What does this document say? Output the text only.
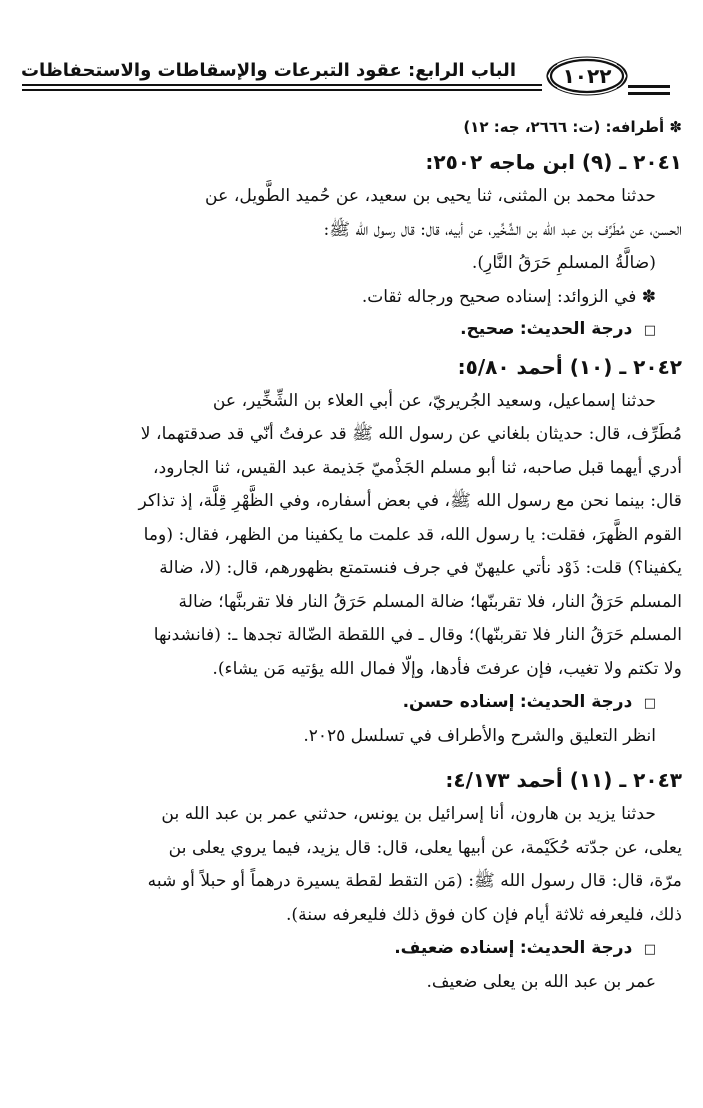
الباب الرابع: عقود التبرعات والإسقاطات والاستحفاظات	١٠٢٢
✽ أطرافه: (ت: ٢٦٦٦، جه: ١٢)
٢٠٤١ ـ (٩) ابن ماجه ٢٥٠٢:
حدثنا محمد بن المثنى، ثنا يحيى بن سعيد، عن حُميد الطَّويل، عن
الحسن، عن مُطَرِّف بن عبد الله بن الشِّخِّير، عن أبيه، قال: قال رسول الله ﷺ:
(ضالَّةُ المسلمِ حَرَقُ النَّارِ).
✽ في الزوائد: إسناده صحيح ورجاله ثقات.
□ درجة الحديث: صحيح.
٢٠٤٢ ـ (١٠) أحمد ٥/٨٠:
حدثنا إسماعيل، وسعيد الجُريريّ، عن أبي العلاء بن الشِّخِّير، عن
مُطَرِّف، قال: حديثان بلغاني عن رسول الله ﷺ قد عرفتُ أنّي قد صدقتهما، لا
أدري أيهما قبل صاحبه، ثنا أبو مسلم الجَذْميّ جَذيمة عبد القيس، ثنا الجارود،
قال: بينما نحن مع رسول الله ﷺ، في بعض أسفاره، وفي الظَّهْرِ قِلَّة، إذ تذاكر
القوم الظَّهرَ، فقلت: يا رسول الله، قد علمت ما يكفينا من الظهر، فقال: (وما
يكفينا؟) قلت: ذَوْد نأتي عليهنّ في جرف فنستمتع بظهورهم، قال: (لا، ضالة
المسلم حَرَقُ النار، فلا تقربنّها؛ ضالة المسلم حَرَقُ النار فلا تقربنَّها؛ ضالة
المسلم حَرَقُ النار فلا تقربنّها)؛ وقال ـ في اللقطة الضّالة تجدها ـ: (فانشدنها
ولا تكتم ولا تغيب، فإن عرفتَ فأدها، وإلّا فمال الله يؤتيه مَن يشاء).
□ درجة الحديث: إسناده حسن.
انظر التعليق والشرح والأطراف في تسلسل ٢٠٢٥.
٢٠٤٣ ـ (١١) أحمد ٤/١٧٣:
حدثنا يزيد بن هارون، أنا إسرائيل بن يونس، حدثني عمر بن عبد الله بن
يعلى، عن جدّته حُكَيْمة، عن أبيها يعلى، قال: قال يزيد، فيما يروي يعلى بن
مرّة، قال: قال رسول الله ﷺ: (مَن التقط لقطة يسيرة درهماً أو حبلاً أو شبه
ذلك، فليعرفه ثلاثة أيام فإن كان فوق ذلك فليعرفه سنة).
□ درجة الحديث: إسناده ضعيف.
عمر بن عبد الله بن يعلى ضعيف.
